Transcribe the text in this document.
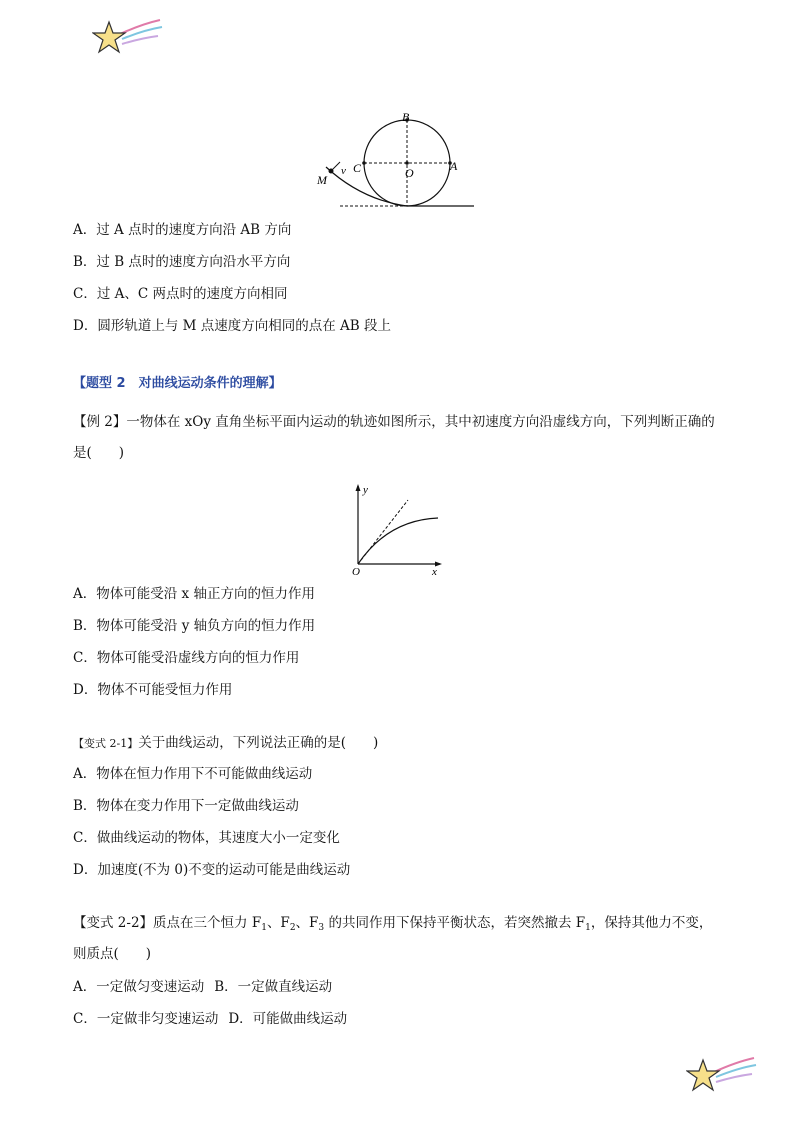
B
C	O	A
M
v
A．过 A 点时的速度方向沿 AB 方向
B．过 B 点时的速度方向沿水平方向
C．过 A、C 两点时的速度方向相同
D．圆形轨道上与 M 点速度方向相同的点在 AB 段上
【题型 2　对曲线运动条件的理解】
【例 2】一物体在 xOy 直角坐标平面内运动的轨迹如图所示，其中初速度方向沿虚线方向，下列判断正确的
是(　　)
y
O	x
A．物体可能受沿 x 轴正方向的恒力作用
B．物体可能受沿 y 轴负方向的恒力作用
C．物体可能受沿虚线方向的恒力作用
D．物体不可能受恒力作用
【变式 2-1】关于曲线运动，下列说法正确的是(　　)
A．物体在恒力作用下不可能做曲线运动
B．物体在变力作用下一定做曲线运动
C．做曲线运动的物体，其速度大小一定变化
D．加速度(不为 0)不变的运动可能是曲线运动
【变式 2-2】质点在三个恒力 $F_1$、$F_2$、$F_3$ 的共同作用下保持平衡状态，若突然撤去 $F_1$，保持其他力不变，
则质点(　　)
A．一定做匀变速运动 B．一定做直线运动
C．一定做非匀变速运动 D．可能做曲线运动
